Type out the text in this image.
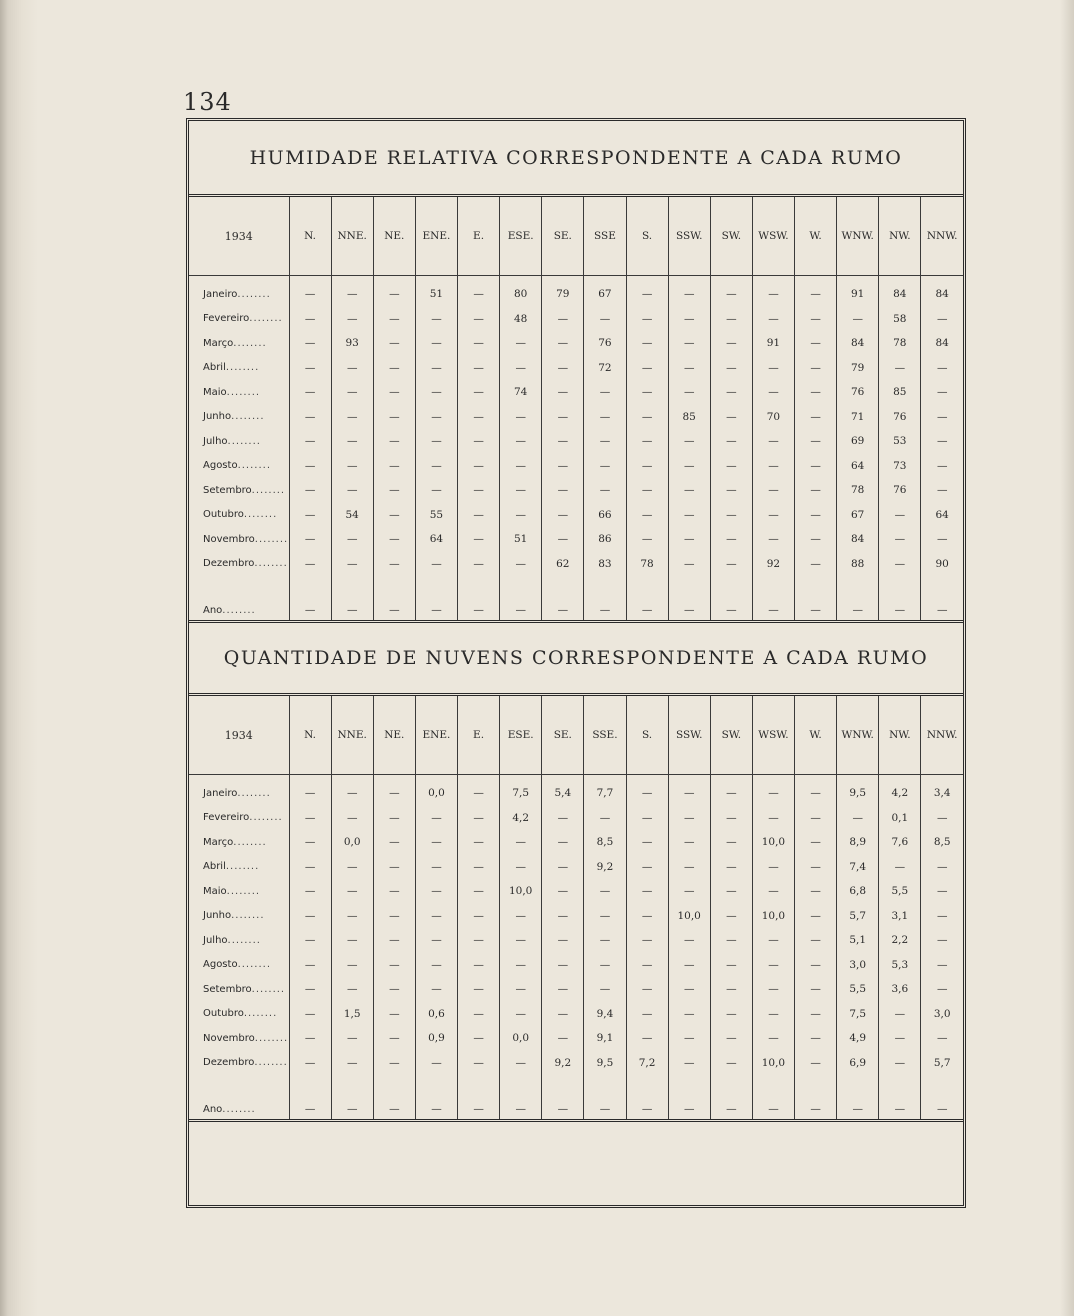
134
HUMIDADE RELATIVA CORRESPONDENTE A CADA RUMO
1934	N.	NNE.	NE.	ENE.	E.	ESE.	SE.	SSE	S.	SSW.	SW.	WSW.	W.	WNW.	NW.	NNW.
Janeiro........	—	—	—	51	—	80	79	67	—	—	—	—	—	91	84	84
Fevereiro........	—	—	—	—	—	48	—	—	—	—	—	—	—	—	58	—
Março........	—	93	—	—	—	—	—	76	—	—	—	91	—	84	78	84
Abril........	—	—	—	—	—	—	—	72	—	—	—	—	—	79	—	—
Maio........	—	—	—	—	—	74	—	—	—	—	—	—	—	76	85	—
Junho........	—	—	—	—	—	—	—	—	—	85	—	70	—	71	76	—
Julho........	—	—	—	—	—	—	—	—	—	—	—	—	—	69	53	—
Agosto........	—	—	—	—	—	—	—	—	—	—	—	—	—	64	73	—
Setembro........	—	—	—	—	—	—	—	—	—	—	—	—	—	78	76	—
Outubro........	—	54	—	55	—	—	—	66	—	—	—	—	—	67	—	64
Novembro........	—	—	—	64	—	51	—	86	—	—	—	—	—	84	—	—
Dezembro........	—	—	—	—	—	—	62	83	78	—	—	92	—	88	—	90
Ano........	—	—	—	—	—	—	—	—	—	—	—	—	—	—	—	—
QUANTIDADE DE NUVENS CORRESPONDENTE A CADA RUMO
1934	N.	NNE.	NE.	ENE.	E.	ESE.	SE.	SSE.	S.	SSW.	SW.	WSW.	W.	WNW.	NW.	NNW.
Janeiro........	—	—	—	0,0	—	7,5	5,4	7,7	—	—	—	—	—	9,5	4,2	3,4
Fevereiro........	—	—	—	—	—	4,2	—	—	—	—	—	—	—	—	0,1	—
Março........	—	0,0	—	—	—	—	—	8,5	—	—	—	10,0	—	8,9	7,6	8,5
Abril........	—	—	—	—	—	—	—	9,2	—	—	—	—	—	7,4	—	—
Maio........	—	—	—	—	—	10,0	—	—	—	—	—	—	—	6,8	5,5	—
Junho........	—	—	—	—	—	—	—	—	—	10,0	—	10,0	—	5,7	3,1	—
Julho........	—	—	—	—	—	—	—	—	—	—	—	—	—	5,1	2,2	—
Agosto........	—	—	—	—	—	—	—	—	—	—	—	—	—	3,0	5,3	—
Setembro........	—	—	—	—	—	—	—	—	—	—	—	—	—	5,5	3,6	—
Outubro........	—	1,5	—	0,6	—	—	—	9,4	—	—	—	—	—	7,5	—	3,0
Novembro........	—	—	—	0,9	—	0,0	—	9,1	—	—	—	—	—	4,9	—	—
Dezembro........	—	—	—	—	—	—	9,2	9,5	7,2	—	—	10,0	—	6,9	—	5,7
Ano........	—	—	—	—	—	—	—	—	—	—	—	—	—	—	—	—
